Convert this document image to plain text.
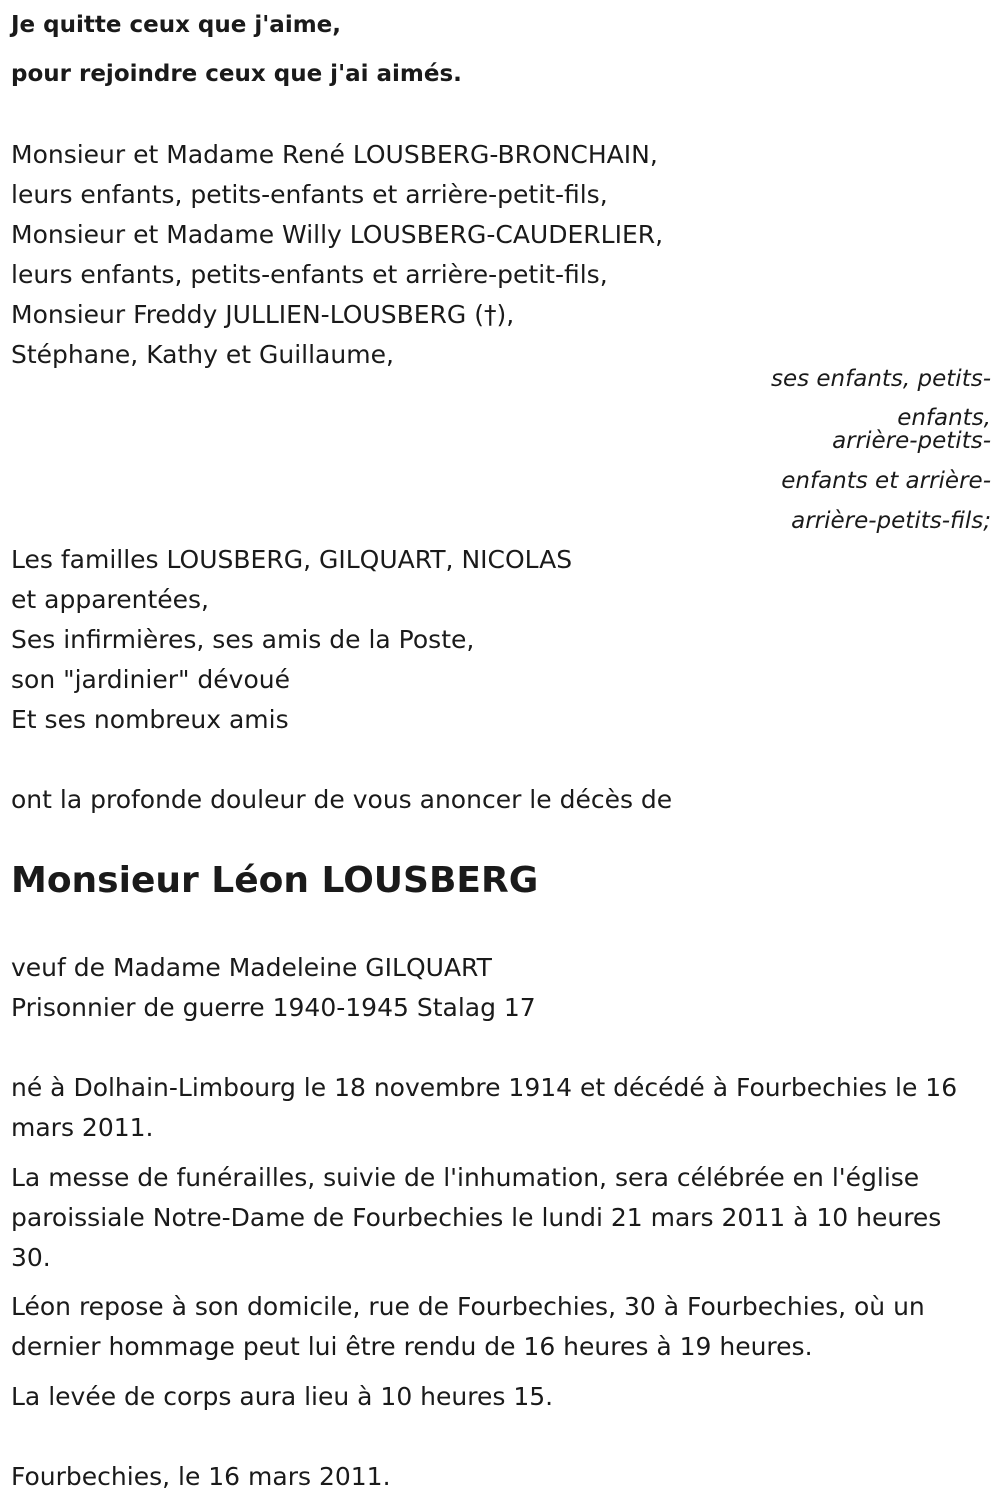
Je quitte ceux que j'aime,
pour rejoindre ceux que j'ai aimés.
Monsieur et Madame René LOUSBERG-BRONCHAIN,
leurs enfants, petits-enfants et arrière-petit-fils,
Monsieur et Madame Willy LOUSBERG-CAUDERLIER,
leurs enfants, petits-enfants et arrière-petit-fils,
Monsieur Freddy JULLIEN-LOUSBERG (†),
Stéphane, Kathy et Guillaume,
ses enfants, petits-
enfants,
arrière-petits-
enfants et arrière-
arrière-petits-fils;
Les familles LOUSBERG, GILQUART, NICOLAS
et apparentées,
Ses infirmières, ses amis de la Poste,
son "jardinier" dévoué
Et ses nombreux amis
ont la profonde douleur de vous anoncer le décès de
Monsieur Léon LOUSBERG
veuf de Madame Madeleine GILQUART
Prisonnier de guerre 1940-1945 Stalag 17
né à Dolhain-Limbourg le 18 novembre 1914 et décédé à Fourbechies le 16 mars 2011.
La messe de funérailles, suivie de l'inhumation, sera célébrée en l'église paroissiale Notre-Dame de Fourbechies le lundi 21 mars 2011 à 10 heures 30.
Léon repose à son domicile, rue de Fourbechies, 30 à Fourbechies, où un dernier hommage peut lui être rendu de 16 heures à 19 heures.
La levée de corps aura lieu à 10 heures 15.
Fourbechies, le 16 mars 2011.
